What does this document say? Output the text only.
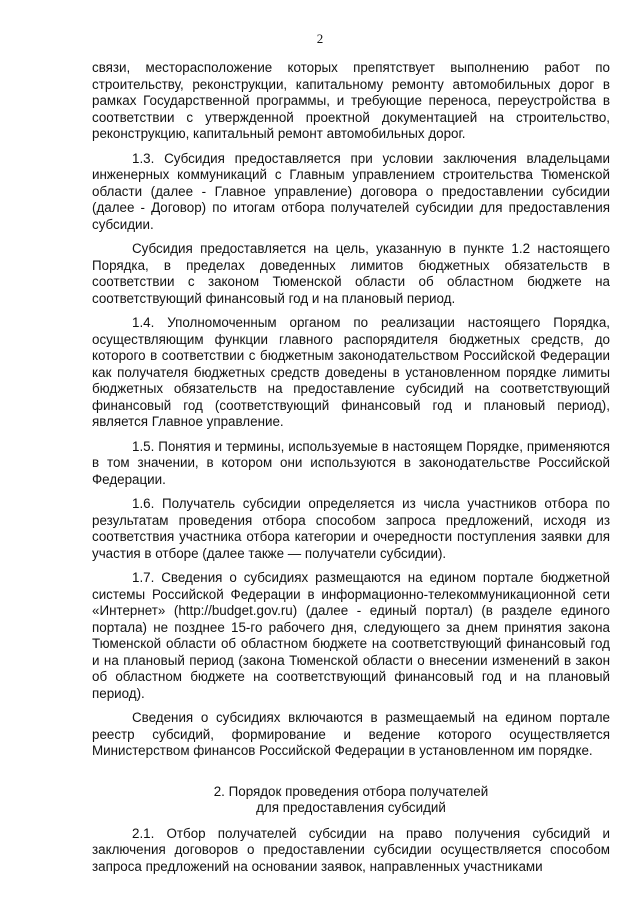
2

связи, месторасположение которых препятствует выполнению работ по строительству, реконструкции, капитальному ремонту автомобильных дорог в рамках Государственной программы, и требующие переноса, переустройства в соответствии с утвержденной проектной документацией на строительство, реконструкцию, капитальный ремонт автомобильных дорог.

1.3. Субсидия предоставляется при условии заключения владельцами инженерных коммуникаций с Главным управлением строительства Тюменской области (далее - Главное управление) договора о предоставлении субсидии (далее - Договор) по итогам отбора получателей субсидии для предоставления субсидии.

Субсидия предоставляется на цель, указанную в пункте 1.2 настоящего Порядка, в пределах доведенных лимитов бюджетных обязательств в соответствии с законом Тюменской области об областном бюджете на соответствующий финансовый год и на плановый период.

1.4. Уполномоченным органом по реализации настоящего Порядка, осуществляющим функции главного распорядителя бюджетных средств, до которого в соответствии с бюджетным законодательством Российской Федерации как получателя бюджетных средств доведены в установленном порядке лимиты бюджетных обязательств на предоставление субсидий на соответствующий финансовый год (соответствующий финансовый год и плановый период), является Главное управление.

1.5. Понятия и термины, используемые в настоящем Порядке, применяются в том значении, в котором они используются в законодательстве Российской Федерации.

1.6. Получатель субсидии определяется из числа участников отбора по результатам проведения отбора способом запроса предложений, исходя из соответствия участника отбора категории и очередности поступления заявки для участия в отборе (далее также — получатели субсидии).

1.7. Сведения о субсидиях размещаются на едином портале бюджетной системы Российской Федерации в информационно-телекоммуникационной сети «Интернет» (http://budget.gov.ru) (далее - единый портал) (в разделе единого портала) не позднее 15-го рабочего дня, следующего за днем принятия закона Тюменской области об областном бюджете на соответствующий финансовый год и на плановый период (закона Тюменской области о внесении изменений в закон об областном бюджете на соответствующий финансовый год и на плановый период).

Сведения о субсидиях включаются в размещаемый на едином портале реестр субсидий, формирование и ведение которого осуществляется Министерством финансов Российской Федерации в установленном им порядке.

2. Порядок проведения отбора получателей
для предоставления субсидий

2.1. Отбор получателей субсидии на право получения субсидий и заключения договоров о предоставлении субсидии осуществляется способом запроса предложений на основании заявок, направленных участниками
